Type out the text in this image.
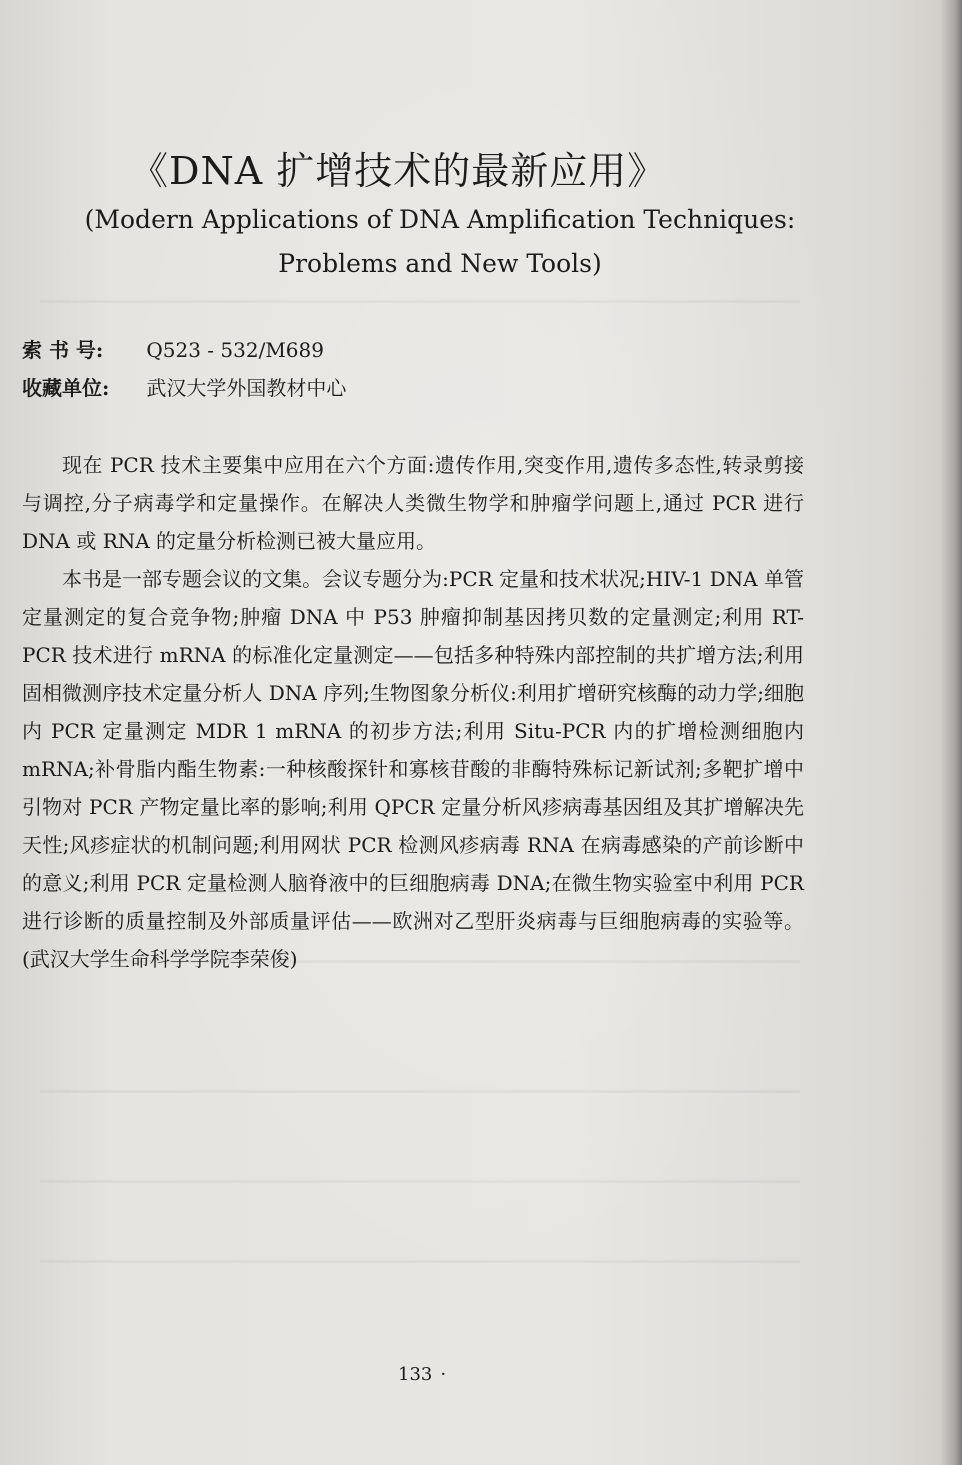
《DNA 扩增技术的最新应用》
(Modern Applications of DNA Amplification Techniques: Problems and New Tools)
索 书 号: Q523 - 532/M689
收藏单位: 武汉大学外国教材中心

现在 PCR 技术主要集中应用在六个方面:遗传作用,突变作用,遗传多态性,转录剪接与调控,分子病毒学和定量操作。在解决人类微生物学和肿瘤学问题上,通过 PCR 进行 DNA 或 RNA 的定量分析检测已被大量应用。

本书是一部专题会议的文集。会议专题分为:PCR 定量和技术状况;HIV-1 DNA 单管定量测定的复合竞争物;肿瘤 DNA 中 P53 肿瘤抑制基因拷贝数的定量测定;利用 RT-PCR 技术进行 mRNA 的标准化定量测定——包括多种特殊内部控制的共扩增方法;利用固相微测序技术定量分析人 DNA 序列;生物图象分析仪:利用扩增研究核酶的动力学;细胞内 PCR 定量测定 MDR 1 mRNA 的初步方法;利用 Situ-PCR 内的扩增检测细胞内 mRNA;补骨脂内酯生物素:一种核酸探针和寡核苷酸的非酶特殊标记新试剂;多靶扩增中引物对 PCR 产物定量比率的影响;利用 QPCR 定量分析风疹病毒基因组及其扩增解决先天性;风疹症状的机制问题;利用网状 PCR 检测风疹病毒 RNA 在病毒感染的产前诊断中的意义;利用 PCR 定量检测人脑脊液中的巨细胞病毒 DNA;在微生物实验室中利用 PCR 进行诊断的质量控制及外部质量评估——欧洲对乙型肝炎病毒与巨细胞病毒的实验等。(武汉大学生命科学学院李荣俊)

133 ·
